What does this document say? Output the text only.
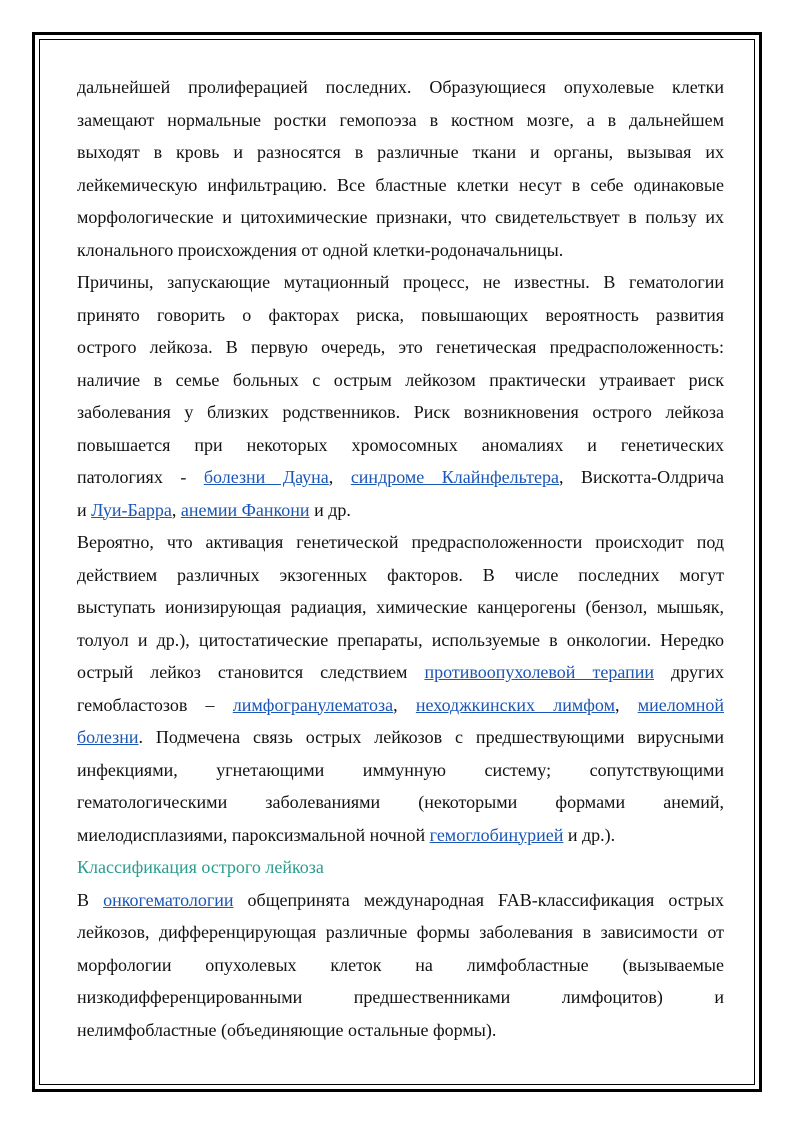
дальнейшей пролиферацией последних. Образующиеся опухолевые клетки
замещают нормальные ростки гемопоэза в костном мозге, а в дальнейшем
выходят в кровь и разносятся в различные ткани и органы, вызывая их
лейкемическую инфильтрацию. Все бластные клетки несут в себе одинаковые
морфологические и цитохимические признаки, что свидетельствует в пользу их
клонального происхождения от одной клетки-родоначальницы.
Причины, запускающие мутационный процесс, не известны. В гематологии
принято говорить о факторах риска, повышающих вероятность развития
острого лейкоза. В первую очередь, это генетическая предрасположенность:
наличие в семье больных с острым лейкозом практически утраивает риск
заболевания у близких родственников. Риск возникновения острого лейкоза
повышается при некоторых хромосомных аномалиях и генетических
патологиях - болезни Дауна, синдроме Клайнфельтера, Вискотта-Олдрича
и Луи-Барра, анемии Фанкони и др.
Вероятно, что активация генетической предрасположенности происходит под
действием различных экзогенных факторов. В числе последних могут
выступать ионизирующая радиация, химические канцерогены (бензол, мышьяк,
толуол и др.), цитостатические препараты, используемые в онкологии. Нередко
острый лейкоз становится следствием противоопухолевой терапии других
гемобластозов – лимфогранулематоза, неходжкинских лимфом, миеломной
болезни. Подмечена связь острых лейкозов с предшествующими вирусными
инфекциями, угнетающими иммунную систему; сопутствующими
гематологическими заболеваниями (некоторыми формами анемий,
миелодисплазиями, пароксизмальной ночной гемоглобинурией и др.).
Классификация острого лейкоза
В онкогематологии общепринята международная FAB-классификация острых
лейкозов, дифференцирующая различные формы заболевания в зависимости от
морфологии опухолевых клеток на лимфобластные (вызываемые
низкодифференцированными предшественниками лимфоцитов) и
нелимфобластные (объединяющие остальные формы).
